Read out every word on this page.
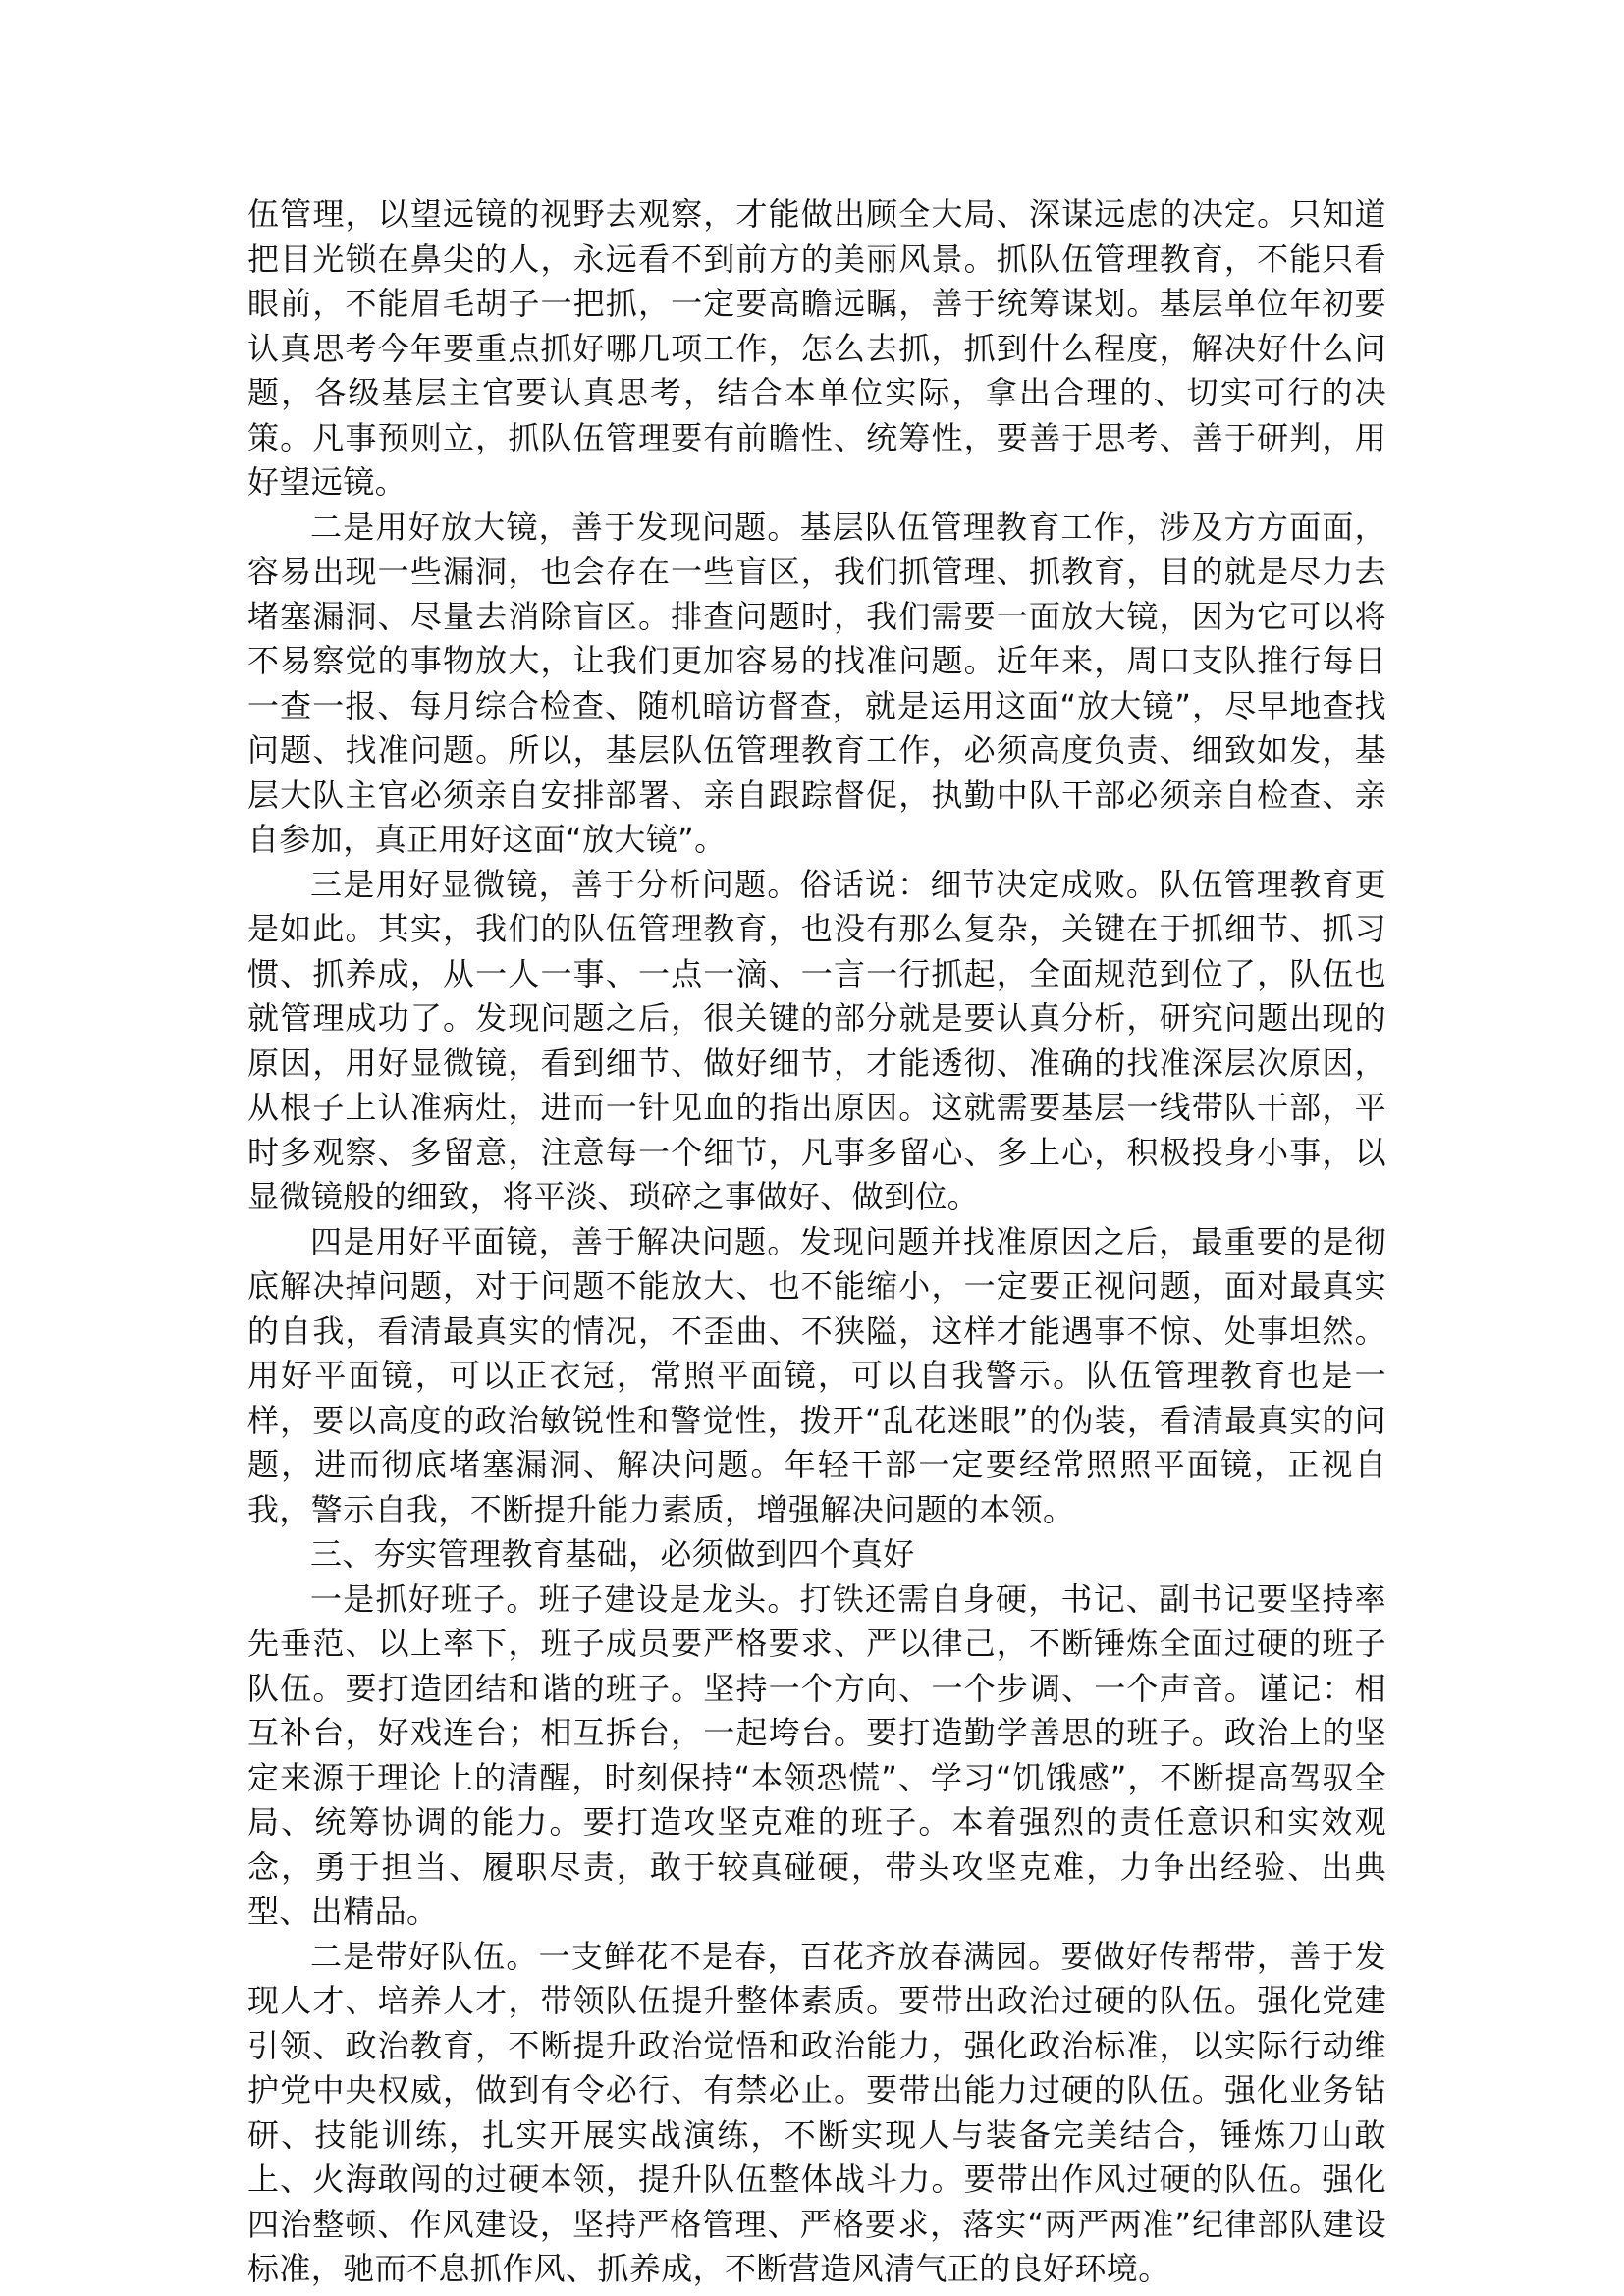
伍管理，以望远镜的视野去观察，才能做出顾全大局、深谋远虑的决定。只知道把目光锁在鼻尖的人，永远看不到前方的美丽风景。抓队伍管理教育，不能只看眼前，不能眉毛胡子一把抓，一定要高瞻远瞩，善于统筹谋划。基层单位年初要认真思考今年要重点抓好哪几项工作，怎么去抓，抓到什么程度，解决好什么问题，各级基层主官要认真思考，结合本单位实际，拿出合理的、切实可行的决策。凡事预则立，抓队伍管理要有前瞻性、统筹性，要善于思考、善于研判，用好望远镜。

二是用好放大镜，善于发现问题。基层队伍管理教育工作，涉及方方面面，容易出现一些漏洞，也会存在一些盲区，我们抓管理、抓教育，目的就是尽力去堵塞漏洞、尽量去消除盲区。排查问题时，我们需要一面放大镜，因为它可以将不易察觉的事物放大，让我们更加容易的找准问题。近年来，周口支队推行每日一查一报、每月综合检查、随机暗访督查，就是运用这面“放大镜”，尽早地查找问题、找准问题。所以，基层队伍管理教育工作，必须高度负责、细致如发，基层大队主官必须亲自安排部署、亲自跟踪督促，执勤中队干部必须亲自检查、亲自参加，真正用好这面“放大镜”。

三是用好显微镜，善于分析问题。俗话说：细节决定成败。队伍管理教育更是如此。其实，我们的队伍管理教育，也没有那么复杂，关键在于抓细节、抓习惯、抓养成，从一人一事、一点一滴、一言一行抓起，全面规范到位了，队伍也就管理成功了。发现问题之后，很关键的部分就是要认真分析，研究问题出现的原因，用好显微镜，看到细节、做好细节，才能透彻、准确的找准深层次原因，从根子上认准病灶，进而一针见血的指出原因。这就需要基层一线带队干部，平时多观察、多留意，注意每一个细节，凡事多留心、多上心，积极投身小事，以显微镜般的细致，将平淡、琐碎之事做好、做到位。

四是用好平面镜，善于解决问题。发现问题并找准原因之后，最重要的是彻底解决掉问题，对于问题不能放大、也不能缩小，一定要正视问题，面对最真实的自我，看清最真实的情况，不歪曲、不狭隘，这样才能遇事不惊、处事坦然。用好平面镜，可以正衣冠，常照平面镜，可以自我警示。队伍管理教育也是一样，要以高度的政治敏锐性和警觉性，拨开“乱花迷眼”的伪装，看清最真实的问题，进而彻底堵塞漏洞、解决问题。年轻干部一定要经常照照平面镜，正视自我，警示自我，不断提升能力素质，增强解决问题的本领。

三、夯实管理教育基础，必须做到四个真好

一是抓好班子。班子建设是龙头。打铁还需自身硬，书记、副书记要坚持率先垂范、以上率下，班子成员要严格要求、严以律己，不断锤炼全面过硬的班子队伍。要打造团结和谐的班子。坚持一个方向、一个步调、一个声音。谨记：相互补台，好戏连台；相互拆台，一起垮台。要打造勤学善思的班子。政治上的坚定来源于理论上的清醒，时刻保持“本领恐慌”、学习“饥饿感”，不断提高驾驭全局、统筹协调的能力。要打造攻坚克难的班子。本着强烈的责任意识和实效观念，勇于担当、履职尽责，敢于较真碰硬，带头攻坚克难，力争出经验、出典型、出精品。

二是带好队伍。一支鲜花不是春，百花齐放春满园。要做好传帮带，善于发现人才、培养人才，带领队伍提升整体素质。要带出政治过硬的队伍。强化党建引领、政治教育，不断提升政治觉悟和政治能力，强化政治标准，以实际行动维护党中央权威，做到有令必行、有禁必止。要带出能力过硬的队伍。强化业务钻研、技能训练，扎实开展实战演练，不断实现人与装备完美结合，锤炼刀山敢上、火海敢闯的过硬本领，提升队伍整体战斗力。要带出作风过硬的队伍。强化四治整顿、作风建设，坚持严格管理、严格要求，落实“两严两准”纪律部队建设标准，驰而不息抓作风、抓养成，不断营造风清气正的良好环境。
